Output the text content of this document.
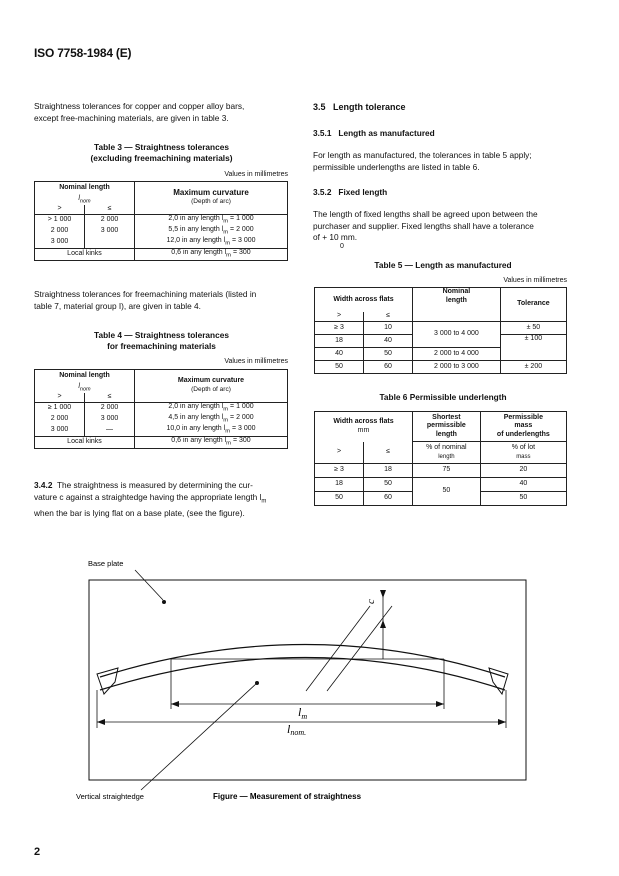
ISO 7758-1984 (E)
Straightness tolerances for copper and copper alloy bars,
except free-machining materials, are given in table 3.
Table 3 — Straightness tolerances
(excluding freemachining materials)
Values in millimetres
Nominal length		Maximum curvature
(Depth of arc)

$l_{nom}$
>	≤	
> 1 000	2 000	2,0 in any length $l_m = 1$ 000
2 000	3 000	5,5 in any length $l_m = 2$ 000
3 000		12,0 in any length $l_m = 3$ 000
Local kinks		0,6 in any length $l_m = 300$
Straightness tolerances for freemachining materials (listed in
table 7, material group I), are given in table 4.
Table 4 — Straightness tolerances
for freemachining materials
Values in millimetres
Nominal length		Maximum curvature
(Depth of arc)

$l_{nom}$
>	≤	
≥ 1 000	2 000	2,0 in any length $l_m = 1$ 000
2 000	3 000	4,5 in any length $l_m = 2$ 000
3 000	—	10,0 in any length $l_m = 3$ 000
Local kinks		0,6 in any length $l_m = 300$
3.4.2 The straightness is measured by determining the cur-
vature c against a straightedge having the appropriate length $l_m$
when the bar is lying flat on a base plate, (see the figure).
3.5 Length tolerance
3.5.1 Length as manufactured
For length as manufactured, the tolerances in table 5 apply;
permissible underlengths are listed in table 6.
3.5.2 Fixed length
The length of fixed lengths shall be agreed upon between the
purchaser and supplier. Fixed lengths shall have a tolerance
of + 10 mm.
0
Table 5 — Length as manufactured
Values in millimetres
Width across flats		Nominal
length	Tolerance
>	≤		
≥ 3	10	3 000 to 4 000	± 50
18	40		± 100
40	50	2 000 to 4 000	
50	60	2 000 to 3 000	± 200
Table 6 Permissible underlength
Width across flats
mm		Shortest
permissible
length	Permissible
mass
of underlengths

>	≤	% of nominal
length	% of lot
mass

≥ 3	18	75	20
18	50	50	40
50	60		50
Base plate
c
$l_m$
lnom.
Vertical straightedge	Figure — Measurement of straightness
2
